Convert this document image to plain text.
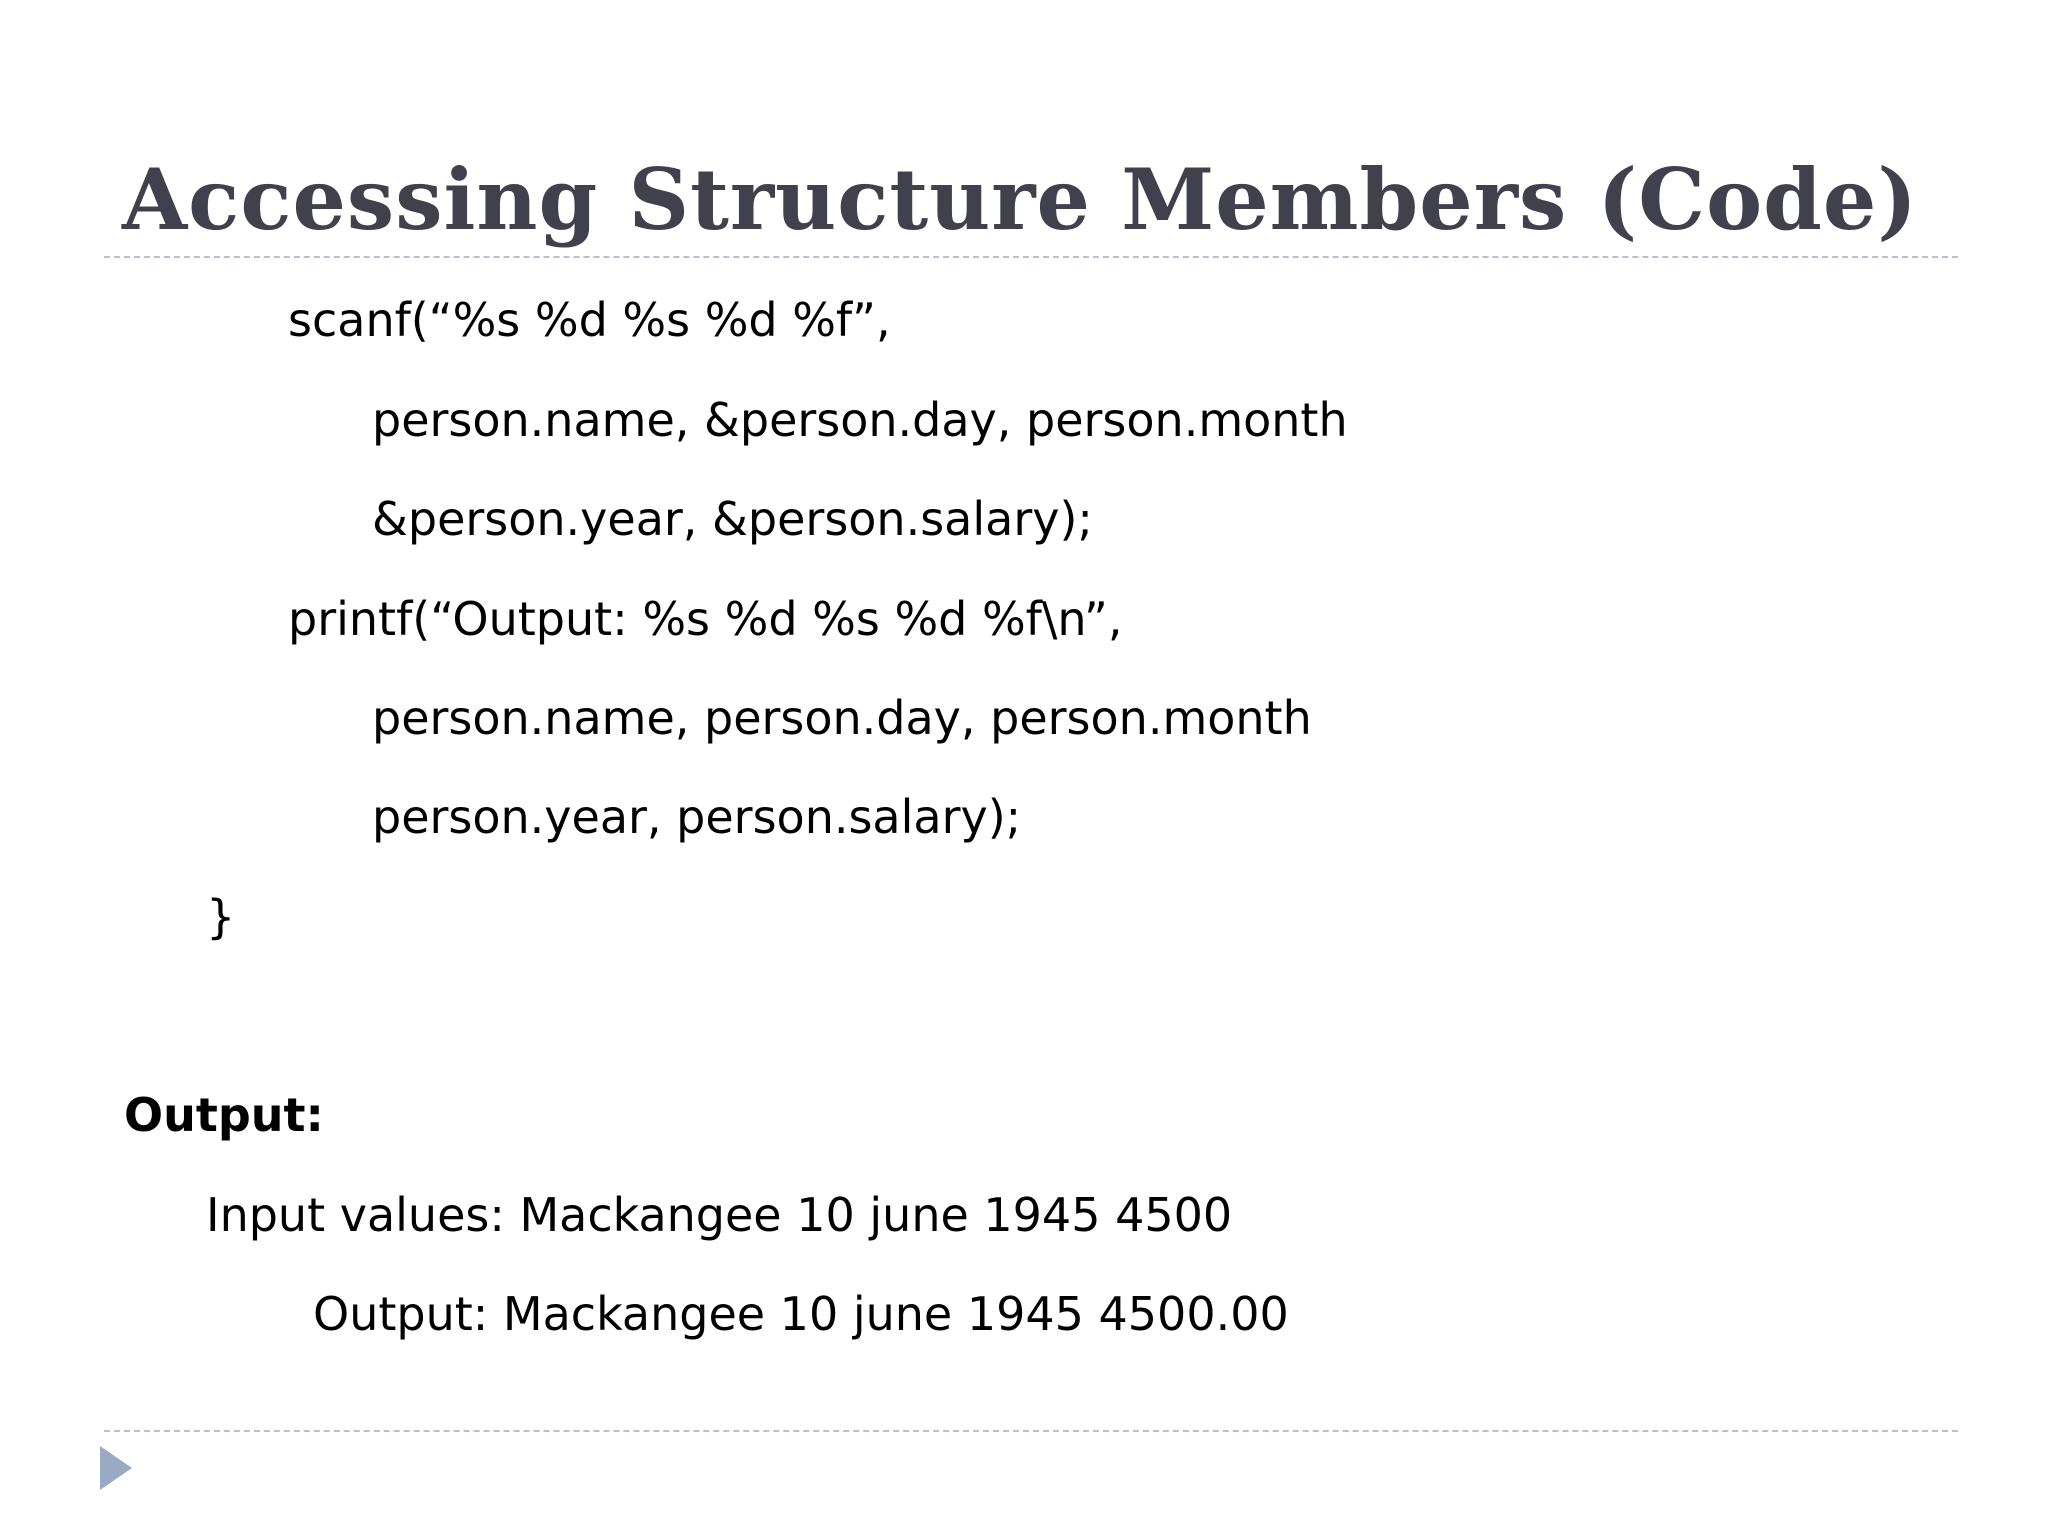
Accessing Structure Members (Code)

scanf(“%s %d %s %d %f”,

person.name, &person.day, person.month

&person.year, &person.salary);

printf(“Output: %s %d %s %d %f\n”,

person.name, person.day, person.month

person.year, person.salary);

}

Output:

Input values: Mackangee 10 june 1945 4500

Output: Mackangee 10 june 1945 4500.00
